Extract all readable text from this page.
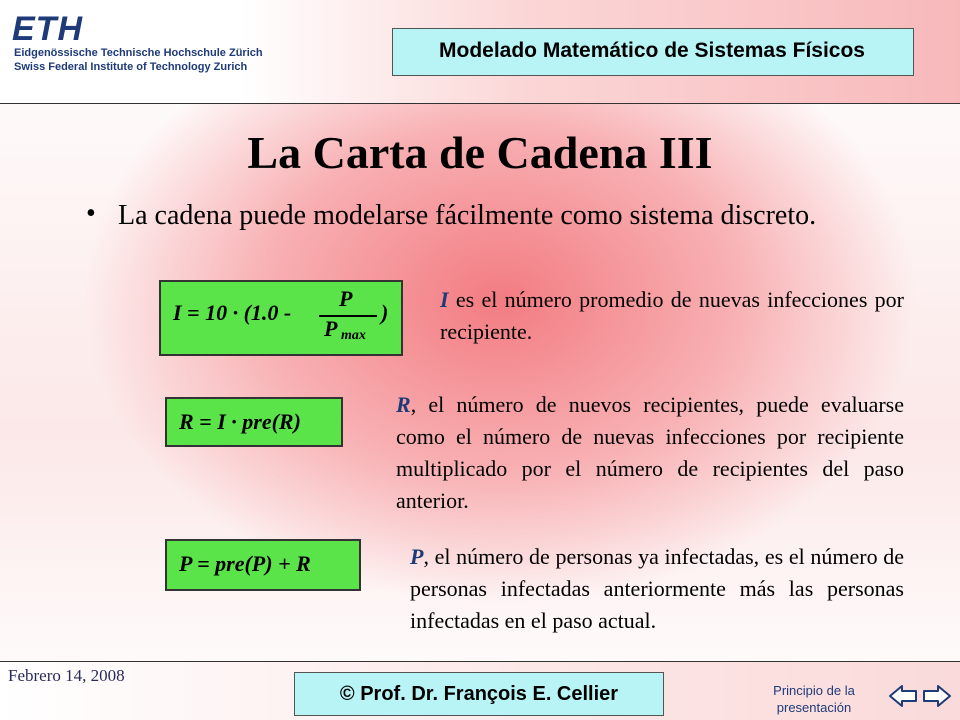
ETH
Eidgenössische Technische Hochschule Zürich
Swiss Federal Institute of Technology Zurich
Modelado Matemático de Sistemas Físicos
La Carta de Cadena III
• La cadena puede modelarse fácilmente como sistema discreto.
I = 10 · (1.0 -
P
P max
)
I es el número promedio de nuevas infecciones por recipiente.
R = I · pre(R)
R, el número de nuevos recipientes, puede evaluarse como el número de nuevas infecciones por recipiente multiplicado por el número de recipientes del paso anterior.
P = pre(P) + R	P, el número de personas ya infectadas, es el número de personas infectadas anteriormente más las personas infectadas en el paso actual.
Febrero 14, 2008
© Prof. Dr. François E. Cellier	Principio de la presentación
